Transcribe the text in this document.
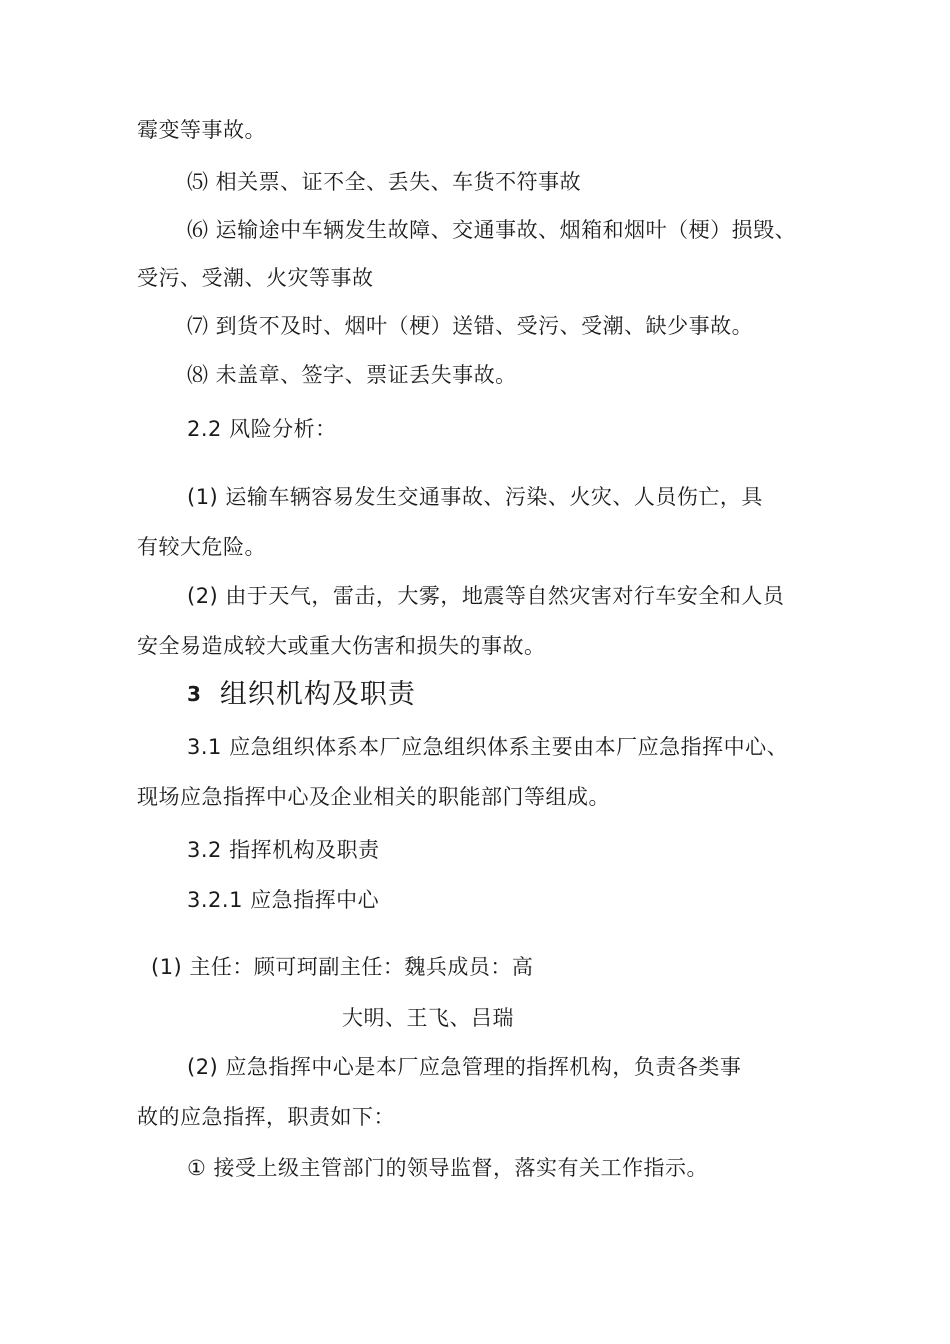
霉变等事故。
⑸ 相关票、证不全、丢失、车货不符事故
⑹ 运输途中车辆发生故障、交通事故、烟箱和烟叶（梗）损毁、
受污、受潮、火灾等事故
⑺ 到货不及时、烟叶（梗）送错、受污、受潮、缺少事故。
⑻ 未盖章、签字、票证丢失事故。
2.2 风险分析：
(1) 运输车辆容易发生交通事故、污染、火灾、人员伤亡，具
有较大危险。
(2) 由于天气，雷击，大雾，地震等自然灾害对行车安全和人员
安全易造成较大或重大伤害和损失的事故。
3 组织机构及职责
3.1 应急组织体系本厂应急组织体系主要由本厂应急指挥中心、
现场应急指挥中心及企业相关的职能部门等组成。
3.2 指挥机构及职责
3.2.1 应急指挥中心
(1) 主任：顾可珂副主任：魏兵成员：高
大明、王飞、吕瑞
(2) 应急指挥中心是本厂应急管理的指挥机构，负责各类事
故的应急指挥，职责如下：
① 接受上级主管部门的领导监督，落实有关工作指示。
